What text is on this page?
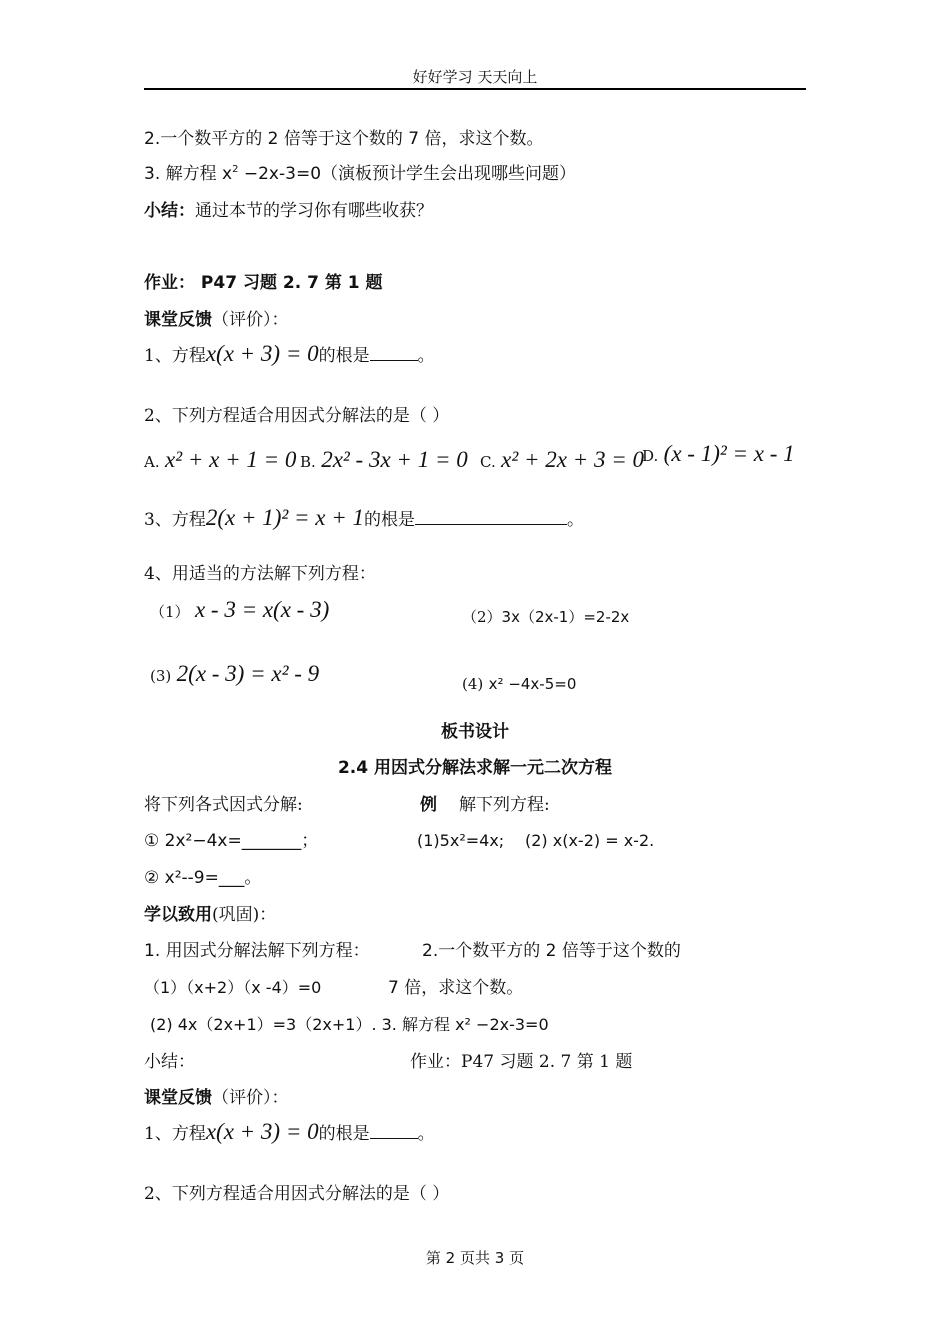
好好学习 天天向上
2.一个数平方的 2 倍等于这个数的 7 倍，求这个数。
3. 解方程 $x^2 -2x-3=0$（演板预计学生会出现哪些问题）
小结：通过本节的学习你有哪些收获？
作业： P47 习题 2. 7 第 1 题
课堂反馈（评价）：
1、方程x(x + 3) = 0的根是	。
2、下列方程适合用因式分解法的是（ ）
A. x² + x + 1 = 0 B. 2x² - 3x + 1 = 0 C. x² + 2x + 3 = 0
D. (x - 1)² = x - 1
3、方程2(x + 1)² = x + 1的根是	。
4、用适当的方法解下列方程：
（1） x - 3 = x(x - 3)	（2）3x（2x-1）=2-2x
(3) 2(x - 3) = x² - 9	(4) x² −4x-5=0
板书设计
2.4 用因式分解法求解一元二次方程
将下列各式因式分解:	例 解下列方程:
① 2x²−4x=_______；	(1)5x²=4x; (2) x(x-2) = x-2.
② x²--9=___。
学以致用(巩固)：
1. 用因式分解法解下列方程：	2.一个数平方的 2 倍等于这个数的
（1）（x+2）（x -4）=0	7 倍，求这个数。
(2) 4x（2x+1）=3（2x+1）. 3. 解方程 x² −2x-3=0
小结：	作业：P47 习题 2. 7 第 1 题
课堂反馈（评价）：
1、方程x(x + 3) = 0的根是	。
2、下列方程适合用因式分解法的是（ ）
第 2 页共 3 页
